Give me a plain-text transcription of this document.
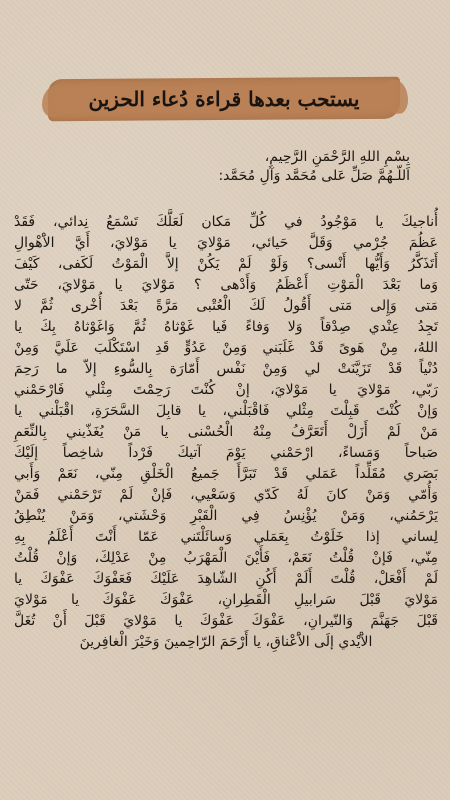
يستحب بعدها قراءة دُعاء الحزين
بِسْمِ اللهِ الرَّحْمَنِ الرَّحِيمِ،
اَللّـهُمَّ صَلِّ عَلى مُحَمَّد وَآلِ مُحَمَّد:
أُناجيكَ يا مَوْجُودُ في كُلِّ مَكان لَعَلَّكَ تَسْمَعُ نِدائي، فَقَدْ
عَظُمَ جُرْمي وَقَلَّ حَيائي، مَوْلايَ يا مَوْلايَ، أَيَّ الاَْهْوالِ
أَتَذَكَّرُ وَأَيُّها أَنْسى؟ وَلَوْ لَمْ يَكُنْ إلاَّ الْمَوْتُ لَكَفى، كَيْفَ
وَما بَعْدَ الْمَوْتِ أَعْظَمُ وَأَدْهى ؟ مَوْلايَ يا مَوْلايَ، حَتّى
مَتى وَإِلى مَتى أَقُولُ لَكَ الْعُتْبى مَرَّةً بَعْدَ أُخْرى ثُمَّ لا
تَجِدُ عِنْدي صِدْقاً وَلا وَفاءً فَيا غَوْثاهُ ثُمَّ وَاغَوْثاهُ بِكَ يا
اللهُ، مِنْ هَوىً قَدْ غَلَبَني وَمِنْ عَدُوٍّ قَدِ اسْتَكْلَبَ عَلَيَّ وَمِنْ
دُنْياً قَدْ تَزَيَّنَتْ لي وَمِنْ نَفْس أَمّارَة بِالسُّوءِ إلاّ ما رَحِمَ
رَبّي، مَوْلايَ يا مَوْلايَ، إنْ كُنْتَ رَحِمْتَ مِثْلي فَارْحَمْني
وَإنْ كُنْتَ قَبِلْتَ مِثْلي فَاقْبَلْني، يا قابِلَ السَّحَرَةِ، اقْبَلْني يا
مَنْ لَمْ أَزَلْ أَتَعَرَّفُ مِنْهُ الْحُسْنى يا مَنْ يُغَذّيني بِالنِّعَمِ
صَباحاً وَمَساءً، ارْحَمْني يَوْمَ آتيكَ فَرْداً شاخِصاً إلَيْكَ
بَصَري مُقَلِّداً عَمَلي قَدْ تَبَرَّأَ جَميعُ الْخَلْقِ مِنّي، نَعَمْ وَأَبي
وَأُمّي وَمَنْ كانَ لَهُ كَدّي وَسَعْيي، فَإنْ لَمْ تَرْحَمْني فَمَنْ
يَرْحَمُني، وَمَنْ يُؤْنِسُ فِي الْقَبْرِ وَحْشَتي، وَمَنْ يُنْطِقُ
لِساني إذا خَلَوْتُ بِعَمَلي وَسائَلْتَني عَمّا أَنْتَ أَعْلَمُ بِهِ
مِنّي، فَإنْ قُلْتُ نَعَمْ، فَأَيْنَ الْمَهْرَبُ مِنْ عَدْلِكَ، وَإنْ قُلْتُ
لَمْ أَفْعَلْ، قُلْتَ أَلَمْ أَكُنِ الشّاهِدَ عَلَيْكَ فَعَفْوَكَ عَفْوَكَ يا
مَوْلايَ قَبْلَ سَرابيلِ الْقَطِرانِ، عَفْوَكَ عَفْوَكَ يا مَوْلايَ
قَبْلَ جَهَنَّمَ وَالنّيرانِ، عَفْوَكَ عَفْوَكَ يا مَوْلايَ قَبْلَ أَنْ تُغَلَّ
الاَْيْدي إلَى الاَْعْناقِ، يا أَرْحَمَ الرّاحِمينَ وَخَيْرَ الْغافِرينَ
